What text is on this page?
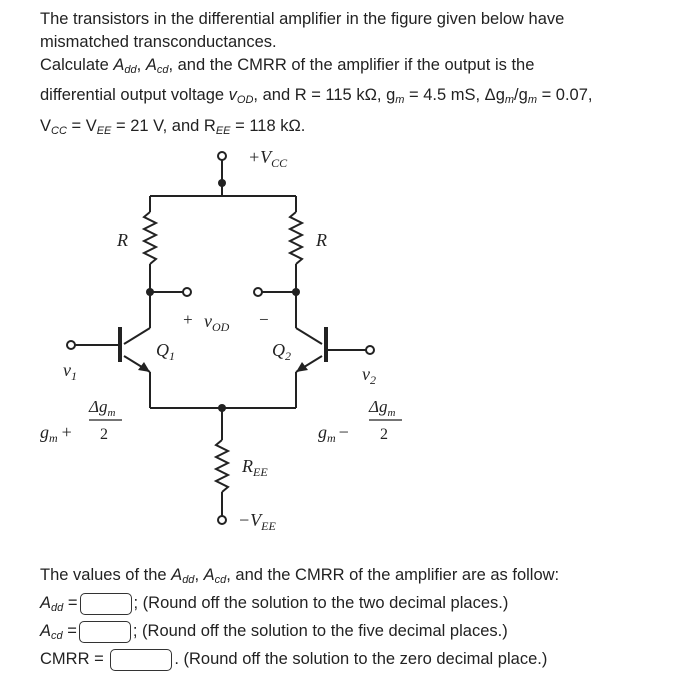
The transistors in the differential amplifier in the figure given below have
mismatched transconductances.
Calculate $A_{dd}$, $A_{cd}$, and the CMRR of the amplifier if the output is the
differential output voltage $v_{OD}$, and R = 115 kΩ, $g_m = 4.5$ mS, $\Delta g_m/g_m = 0.07$,
$V_{CC} = V_{EE} = 21$ V, and $R_{EE} = 118$ kΩ.
$+V_{CC}$
R	R
+ $v_{OD}$ −
$Q_1$	$Q_2$
$v_1$	$v_2$
$g_m$ +
$\Delta g_m$
2	$g_m$ −
$\Delta g_m$
2
$R_{EE}$
$-V_{EE}$
The values of the $A_{dd}$, $A_{cd}$, and the CMRR of the amplifier are as follow:
$A_{dd}$ =	; (Round off the solution to the two decimal places.)
$A_{cd}$ =	; (Round off the solution to the five decimal places.)
CMRR =	. (Round off the solution to the zero decimal place.)
